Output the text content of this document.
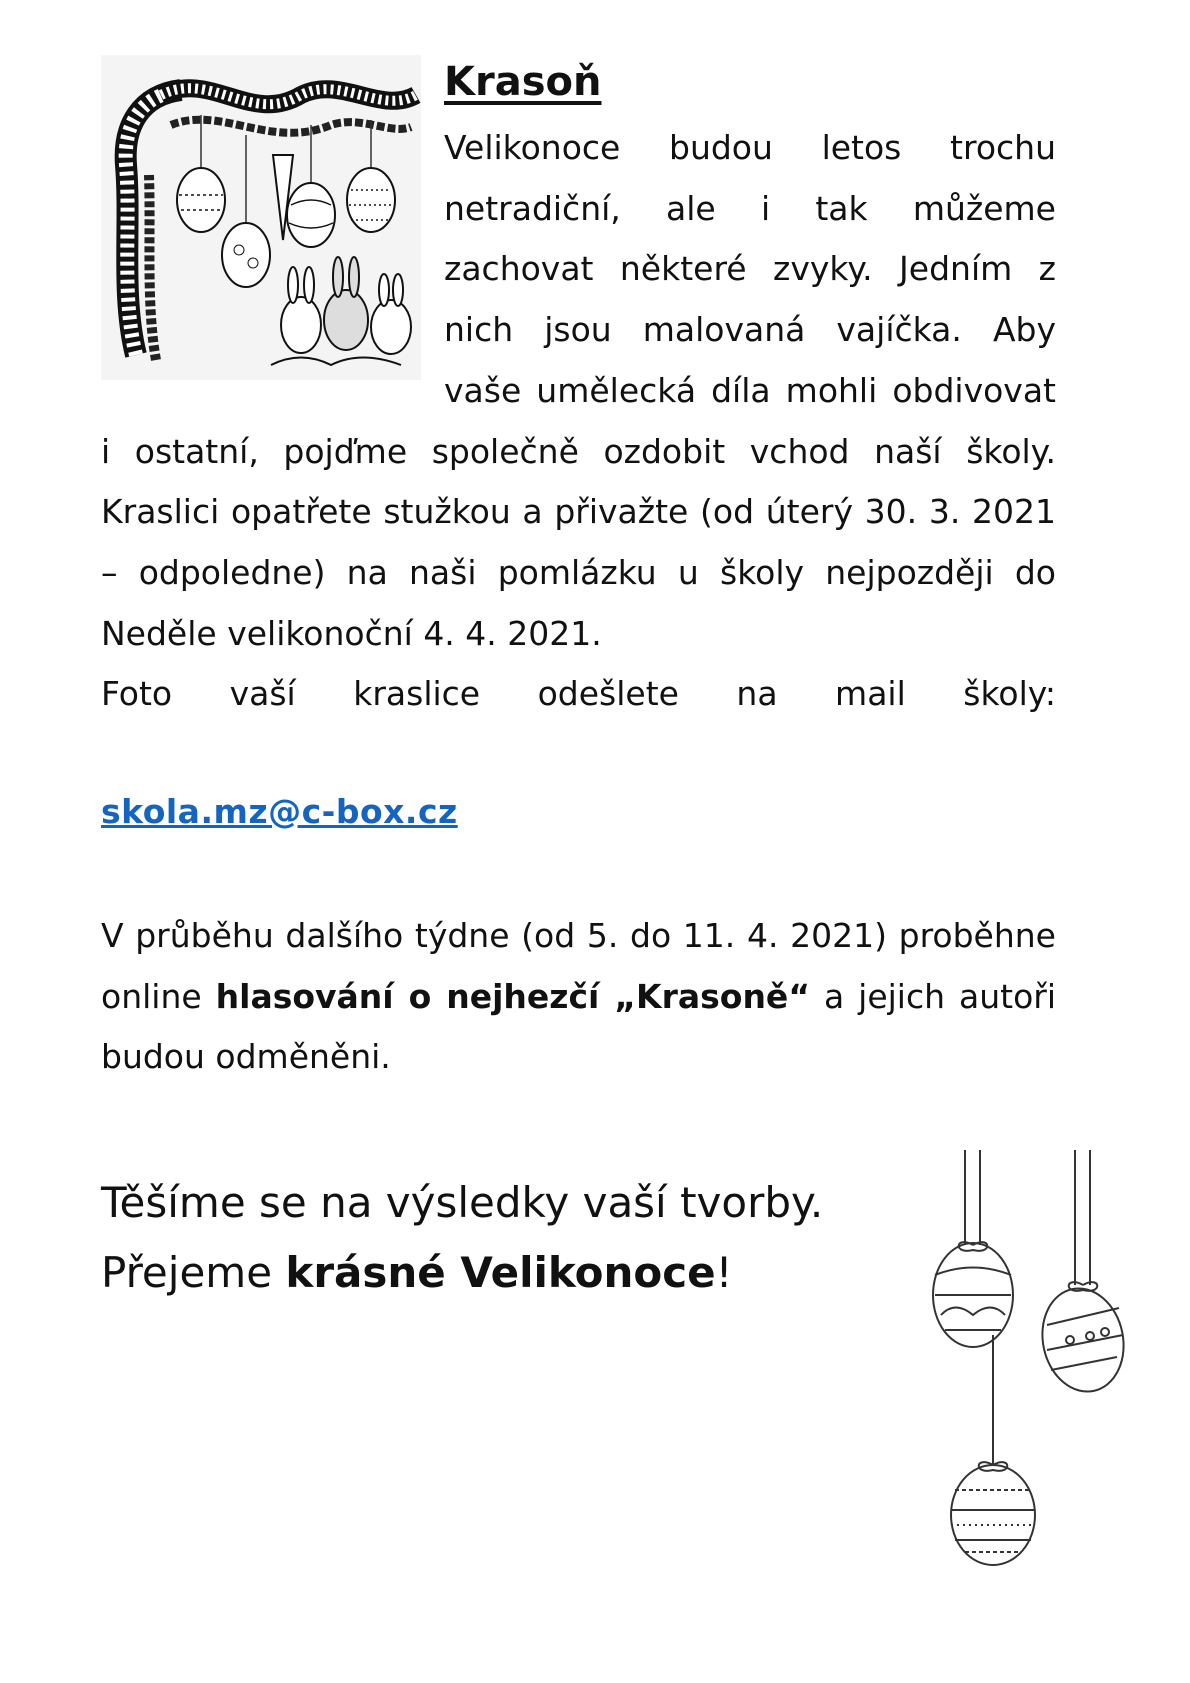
Krasoň

Velikonoce budou letos trochu netradiční, ale i tak můžeme zachovat některé zvyky. Jedním z nich jsou malovaná vajíčka. Aby vaše umělecká díla mohli obdivovat i ostatní, pojďme společně ozdobit vchod naší školy. Kraslici opatřete stužkou a přivažte (od úterý 30. 3. 2021 – odpoledne) na naši pomlázku u školy nejpozději do Neděle velikonoční 4. 4. 2021.
Foto vaší kraslice odešlete na mail školy:

skola.mz@c-box.cz

V průběhu dalšího týdne (od 5. do 11. 4. 2021) proběhne online hlasování o nejhezčí „Krasoně“ a jejich autoři budou odměněni.

Těšíme se na výsledky vaší tvorby.
Přejeme krásné Velikonoce!
